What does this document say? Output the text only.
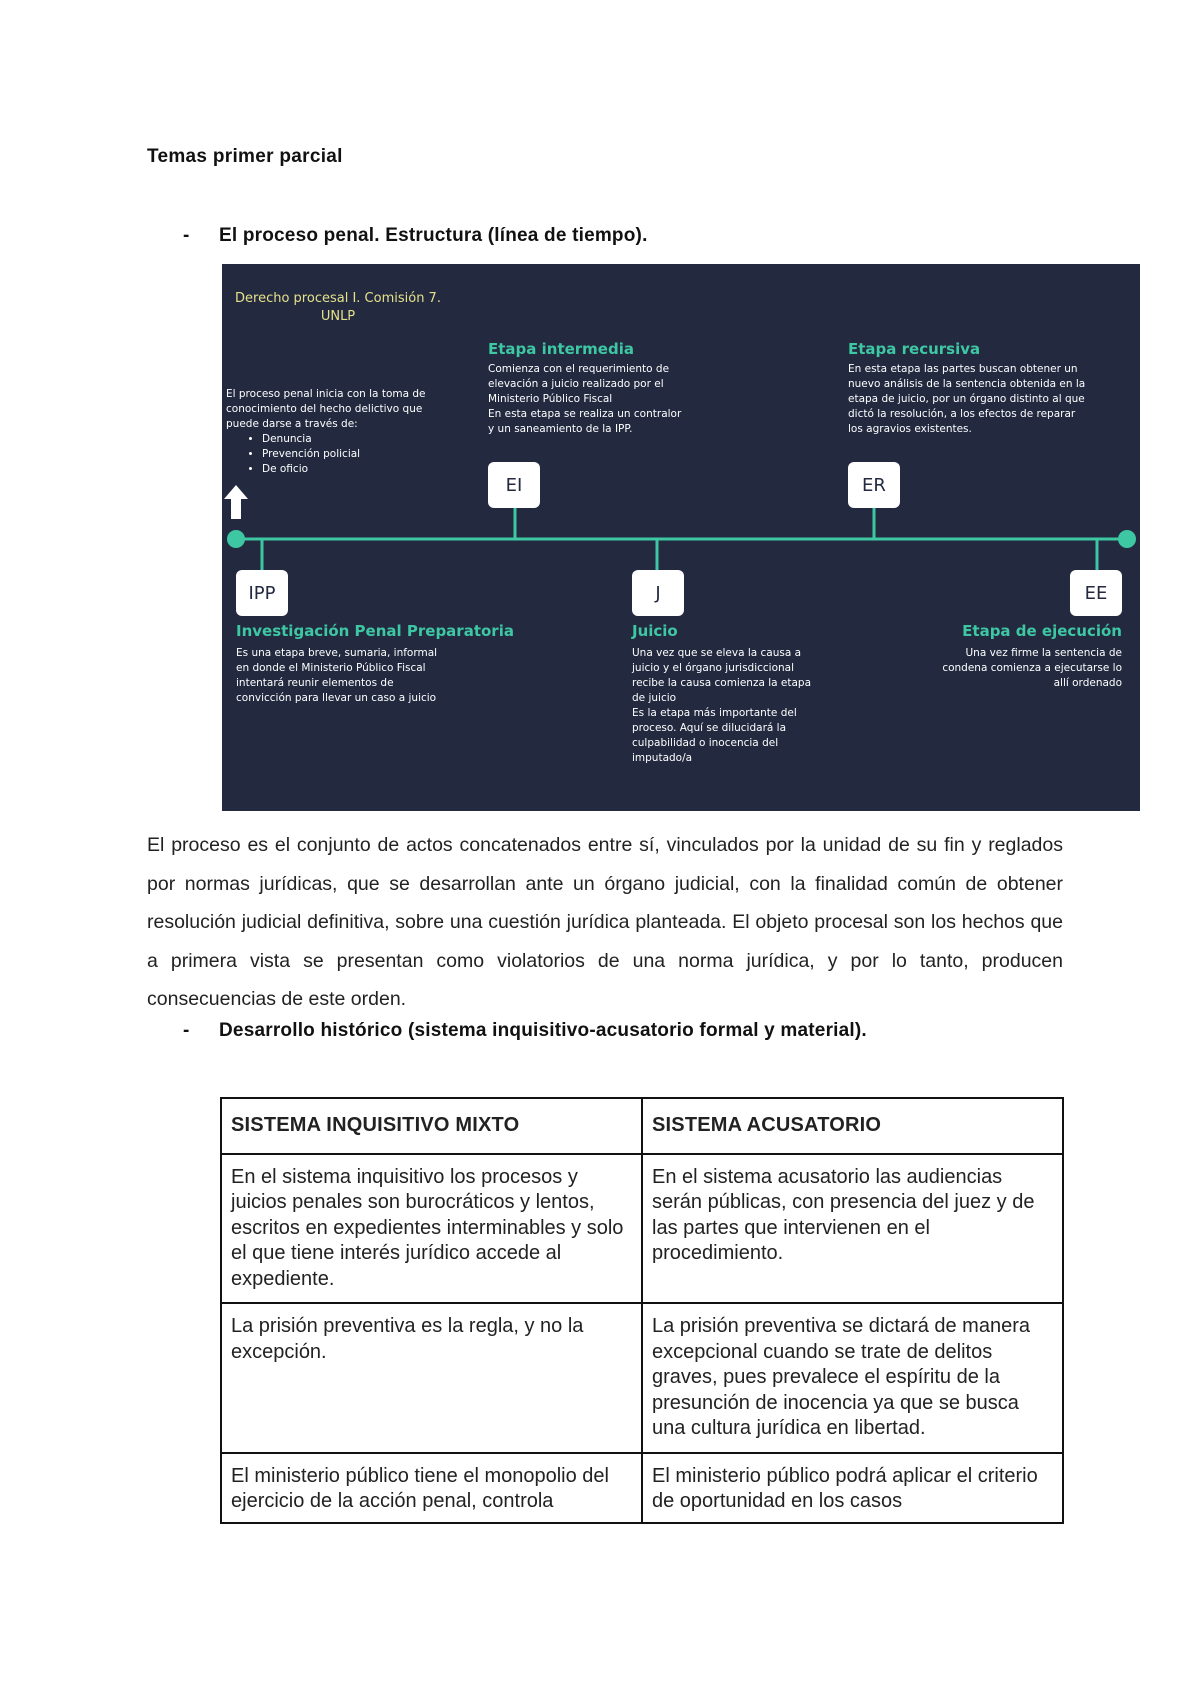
Temas primer parcial
- El proceso penal. Estructura (línea de tiempo).
Derecho procesal I. Comisión 7.
UNLP
El proceso penal inicia con la toma de conocimiento del hecho delictivo que puede darse a través de:
• Denuncia
• Prevención policial
• De oficio
Etapa intermedia
Comienza con el requerimiento de elevación a juicio realizado por el Ministerio Público Fiscal
En esta etapa se realiza un contralor y un saneamiento de la IPP.
EI
Etapa recursiva
En esta etapa las partes buscan obtener un nuevo análisis de la sentencia obtenida en la etapa de juicio, por un órgano distinto al que dictó la resolución, a los efectos de reparar los agravios existentes.
ER
IPP
Investigación Penal Preparatoria
Es una etapa breve, sumaria, informal en donde el Ministerio Público Fiscal intentará reunir elementos de convicción para llevar un caso a juicio
J
Juicio
Una vez que se eleva la causa a juicio y el órgano jurisdiccional recibe la causa comienza la etapa de juicio
Es la etapa más importante del proceso. Aquí se dilucidará la culpabilidad o inocencia del imputado/a
EE
Etapa de ejecución
Una vez firme la sentencia de condena comienza a ejecutarse lo allí ordenado
El proceso es el conjunto de actos concatenados entre sí, vinculados por la unidad de su fin y reglados por normas jurídicas, que se desarrollan ante un órgano judicial, con la finalidad común de obtener resolución judicial definitiva, sobre una cuestión jurídica planteada. El objeto procesal son los hechos que a primera vista se presentan como violatorios de una norma jurídica, y por lo tanto, producen consecuencias de este orden.
- Desarrollo histórico (sistema inquisitivo-acusatorio formal y material).
SISTEMA INQUISITIVO MIXTO	SISTEMA ACUSATORIO
En el sistema inquisitivo los procesos y juicios penales son burocráticos y lentos, escritos en expedientes interminables y solo el que tiene interés jurídico accede al expediente.	En el sistema acusatorio las audiencias serán públicas, con presencia del juez y de las partes que intervienen en el procedimiento.
La prisión preventiva es la regla, y no la excepción.	La prisión preventiva se dictará de manera excepcional cuando se trate de delitos graves, pues prevalece el espíritu de la presunción de inocencia ya que se busca una cultura jurídica en libertad.
El ministerio público tiene el monopolio del ejercicio de la acción penal, controla	El ministerio público podrá aplicar el criterio de oportunidad en los casos
